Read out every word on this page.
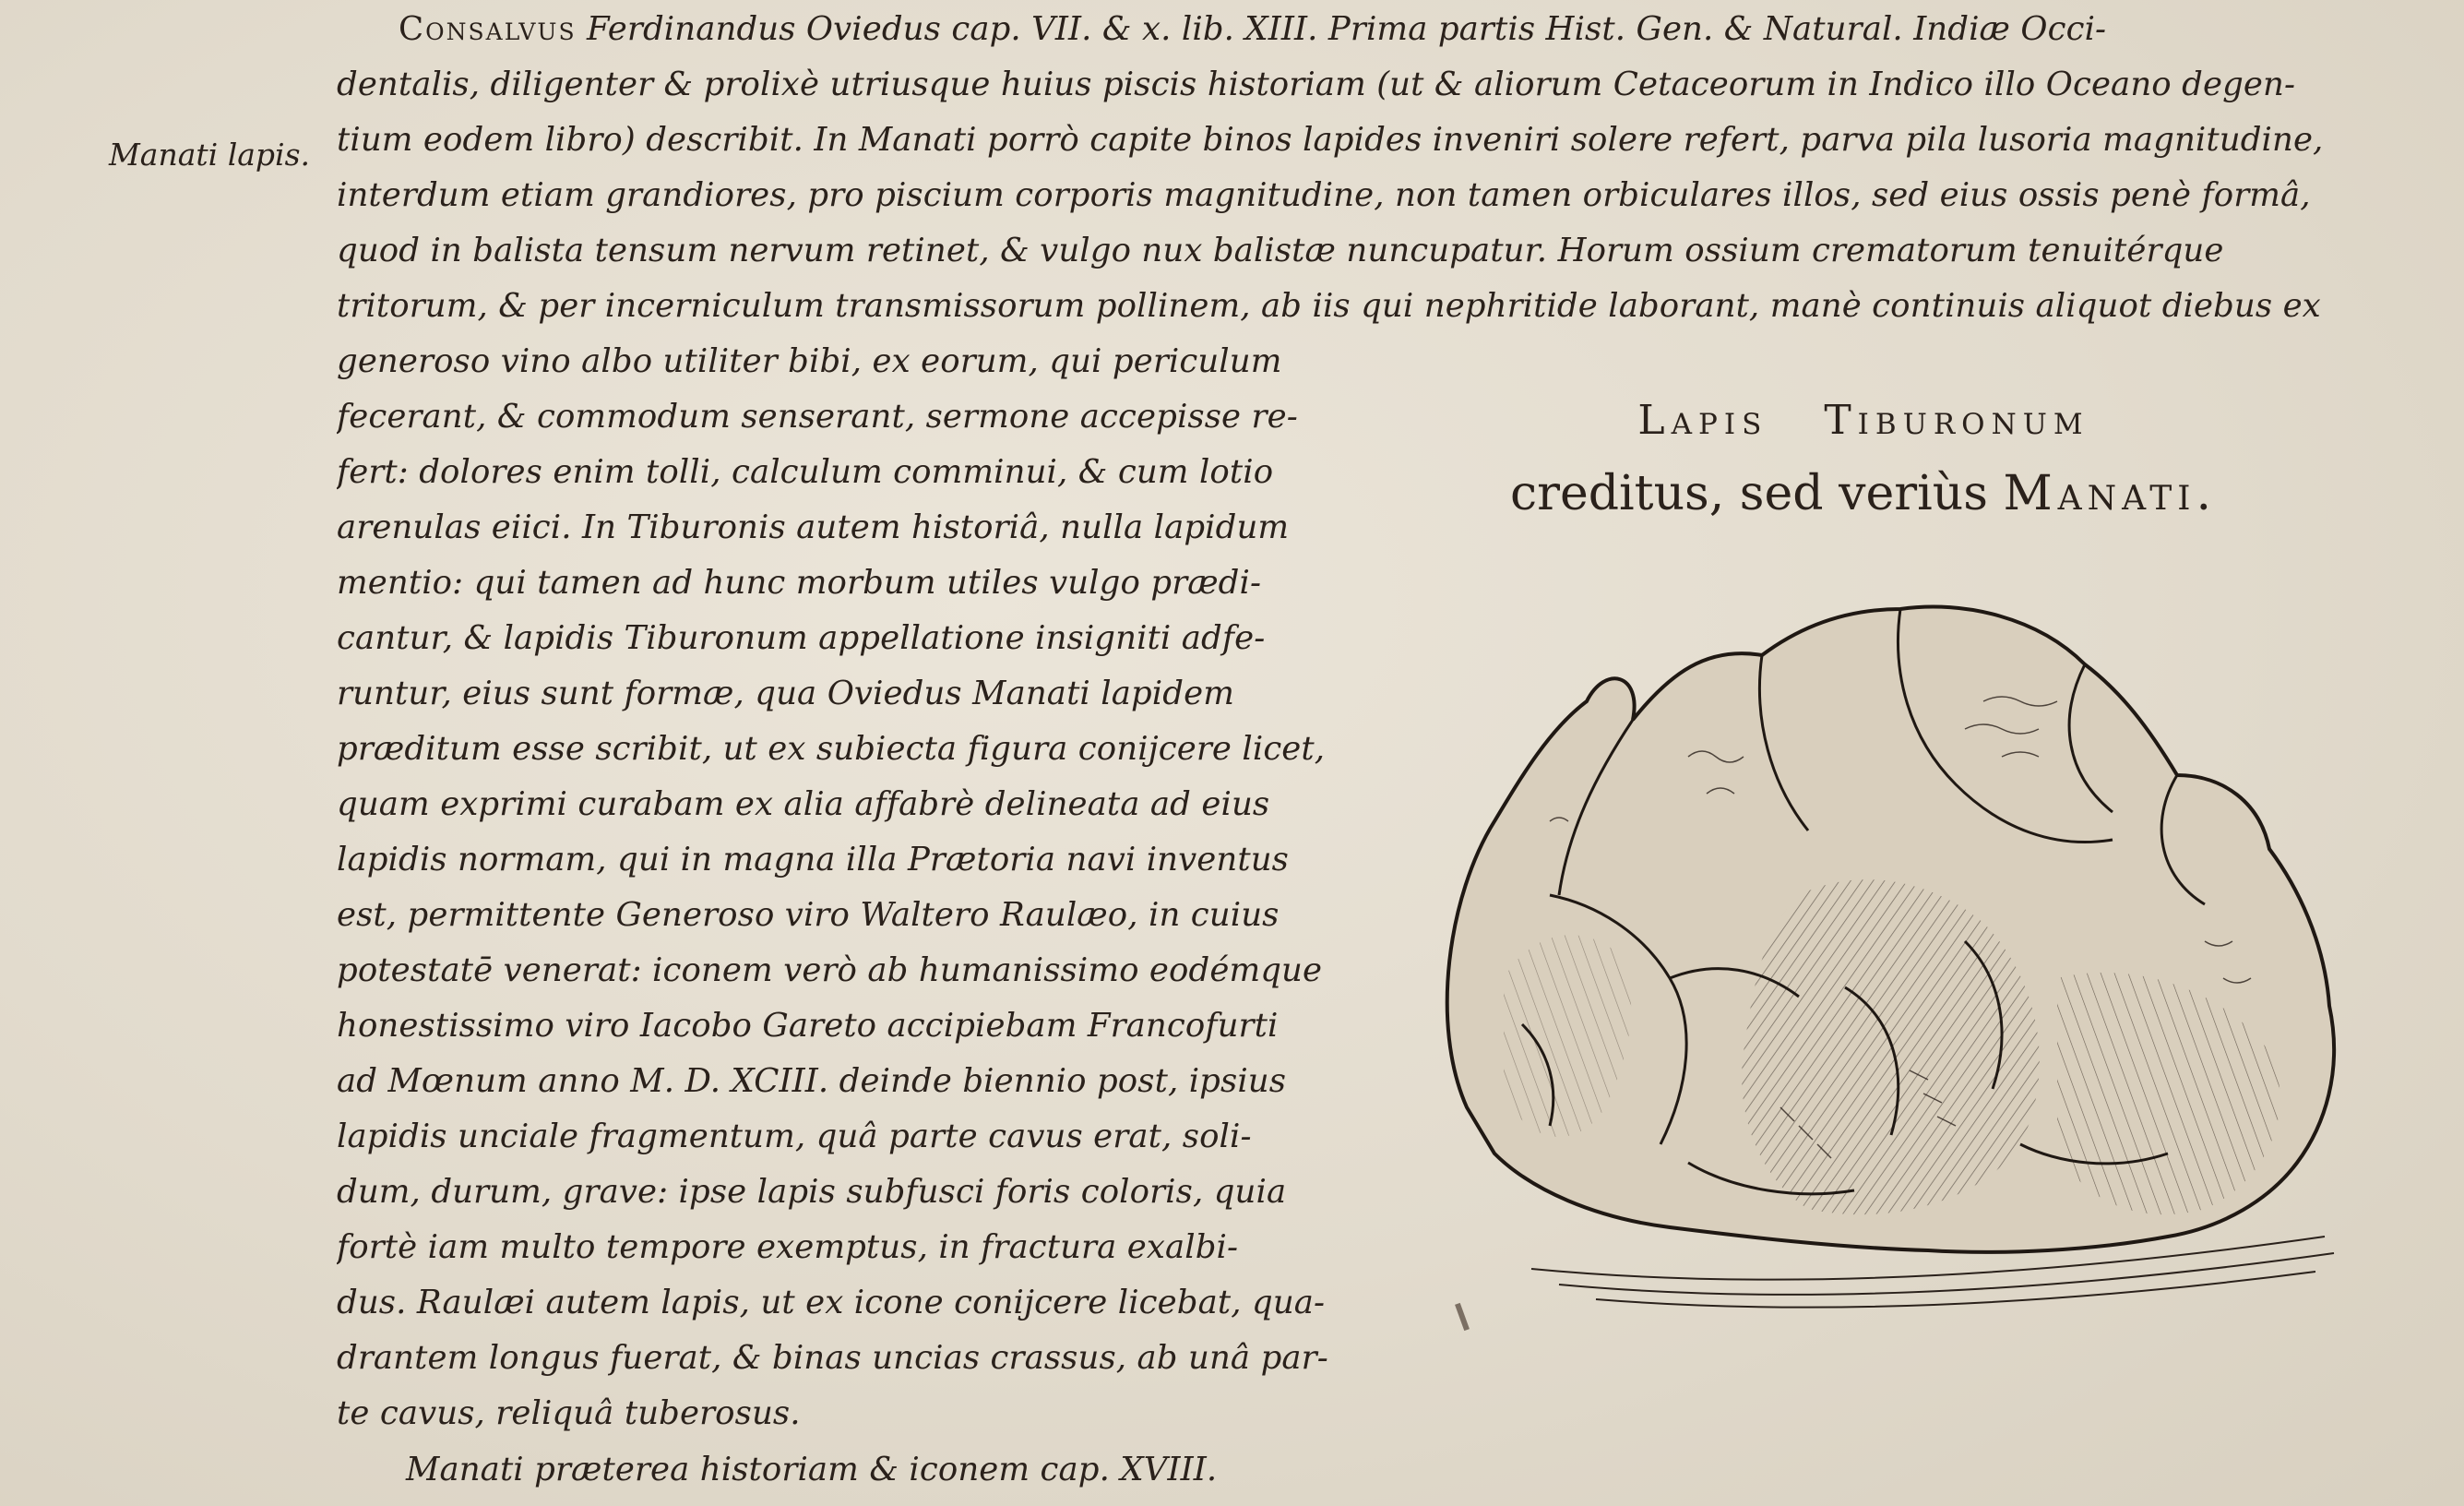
Manati lapis.
Consalvus Ferdinandus Oviedus cap. VII. & x. lib. XIII. Prima partis Hist. Gen. & Natural. Indiæ Occi-
dentalis, diligenter & prolixè utriusque huius piscis historiam (ut & aliorum Cetaceorum in Indico illo Oceano degen-
tium eodem libro) describit. In Manati porrò capite binos lapides inveniri solere refert, parva pila lusoria magnitudine,
interdum etiam grandiores, pro piscium corporis magnitudine, non tamen orbiculares illos, sed eius ossis penè formâ,
quod in balista tensum nervum retinet, & vulgo nux balistæ nuncupatur. Horum ossium crematorum tenuitérque
tritorum, & per incerniculum transmissorum pollinem, ab iis qui nephritide laborant, manè continuis aliquot diebus ex
generoso vino albo utiliter bibi, ex eorum, qui periculum
fecerant, & commodum senserant, sermone accepisse re-
fert: dolores enim tolli, calculum comminui, & cum lotio
arenulas eiici. In Tiburonis autem historiâ, nulla lapidum
mentio: qui tamen ad hunc morbum utiles vulgo prædi-
cantur, & lapidis Tiburonum appellatione insigniti adfe-
runtur, eius sunt formæ, qua Oviedus Manati lapidem
præditum esse scribit, ut ex subiecta figura conijcere licet,
quam exprimi curabam ex alia affabrè delineata ad eius
lapidis normam, qui in magna illa Prætoria navi inventus
est, permittente Generoso viro Waltero Raulæo, in cuius
potestatē venerat: iconem verò ab humanissimo eodémque
honestissimo viro Iacobo Gareto accipiebam Francofurti
ad Mœnum anno M. D. XCIII. deinde biennio post, ipsius
lapidis unciale fragmentum, quâ parte cavus erat, soli-
dum, durum, grave: ipse lapis subfusci foris coloris, quia
fortè iam multo tempore exemptus, in fractura exalbi-
dus. Raulæi autem lapis, ut ex icone conijcere licebat, qua-
drantem longus fuerat, & binas uncias crassus, ab unâ par-
te cavus, reliquâ tuberosus.
Manati præterea historiam & iconem cap. XVIII.
Lapis Tiburonum
creditus, sed veriùs Manati.
